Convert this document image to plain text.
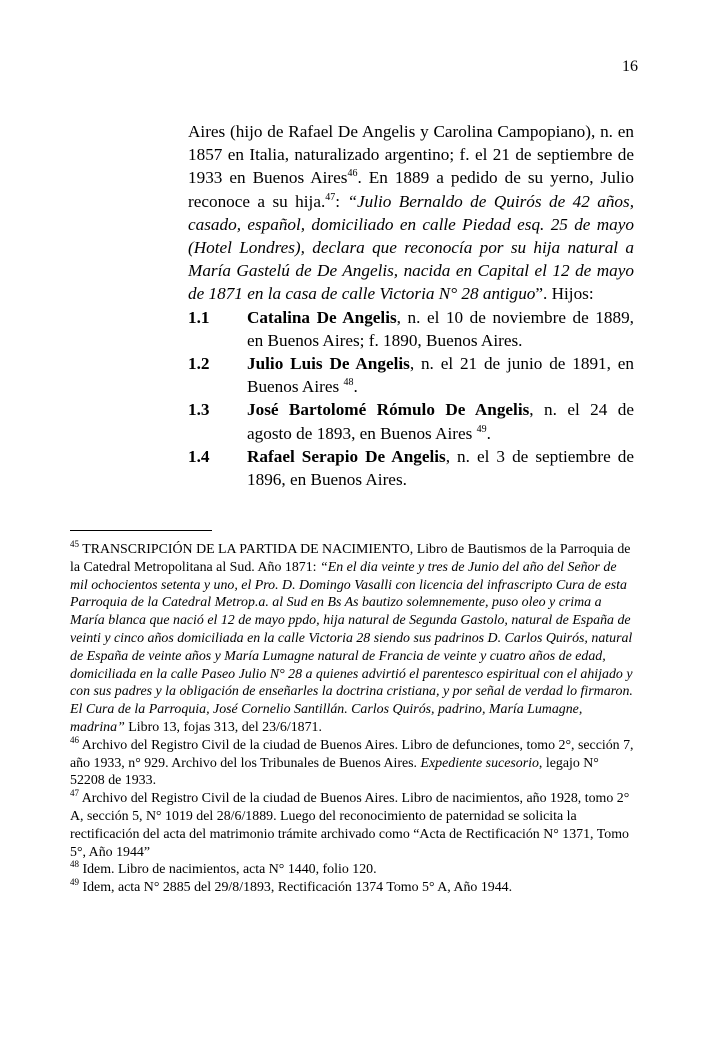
16

Aires (hijo de Rafael De Angelis y Carolina Campopiano), n. en 1857 en Italia, naturalizado argentino; f. el 21 de septiembre de 1933 en Buenos Aires$^{46}$. En 1889 a pedido de su yerno, Julio reconoce a su hija.$^{47}$: “Julio Bernaldo de Quirós de 42 años, casado, español, domiciliado en calle Piedad esq. 25 de mayo (Hotel Londres), declara que reconocía por su hija natural a María Gastelú de De Angelis, nacida en Capital el 12 de mayo de 1871 en la casa de calle Victoria N° 28 antiguo”. Hijos:

1.1 Catalina De Angelis, n. el 10 de noviembre de 1889, en Buenos Aires; f. 1890, Buenos Aires.

1.2 Julio Luis De Angelis, n. el 21 de junio de 1891, en Buenos Aires $^{48}$.

1.3 José Bartolomé Rómulo De Angelis, n. el 24 de agosto de 1893, en Buenos Aires $^{49}$.

1.4 Rafael Serapio De Angelis, n. el 3 de septiembre de 1896, en Buenos Aires.

$^{45}$ TRANSCRIPCIÓN DE LA PARTIDA DE NACIMIENTO, Libro de Bautismos de la Parroquia de la Catedral Metropolitana al Sud. Año 1871: “En el dia veinte y tres de Junio del año del Señor de mil ochocientos setenta y uno, el Pro. D. Domingo Vasalli con licencia del infrascripto Cura de esta Parroquia de la Catedral Metrop.a. al Sud en Bs As bautizo solemnemente, puso oleo y crima a María blanca que nació el 12 de mayo ppdo, hija natural de Segunda Gastolo, natural de España de veinti y cinco años domiciliada en la calle Victoria 28 siendo sus padrinos D. Carlos Quirós, natural de España de veinte años y María Lumagne natural de Francia de veinte y cuatro años de edad, domiciliada en la calle Paseo Julio N° 28 a quienes advirtió el parentesco espiritual con el ahijado y con sus padres y la obligación de enseñarles la doctrina cristiana, y por señal de verdad lo firmaron. El Cura de la Parroquia, José Cornelio Santillán. Carlos Quirós, padrino, María Lumagne, madrina” Libro 13, fojas 313, del 23/6/1871.

$^{46}$ Archivo del Registro Civil de la ciudad de Buenos Aires. Libro de defunciones, tomo 2°, sección 7, año 1933, n° 929. Archivo del los Tribunales de Buenos Aires. Expediente sucesorio, legajo N° 52208 de 1933.

$^{47}$ Archivo del Registro Civil de la ciudad de Buenos Aires. Libro de nacimientos, año 1928, tomo 2° A, sección 5, N° 1019 del 28/6/1889. Luego del reconocimiento de paternidad se solicita la rectificación del acta del matrimonio trámite archivado como “Acta de Rectificación N° 1371, Tomo 5°, Año 1944”

$^{48}$ Idem. Libro de nacimientos, acta N° 1440, folio 120.

$^{49}$ Idem, acta N° 2885 del 29/8/1893, Rectificación 1374 Tomo 5° A, Año 1944.
